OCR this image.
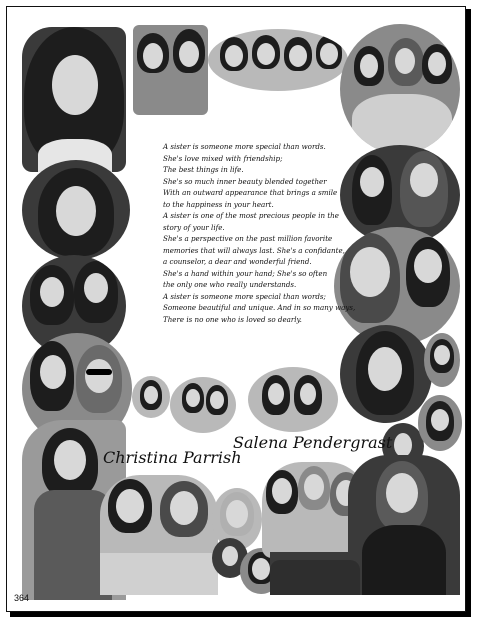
A sister is someone more special than words.
She's love mixed with friendship;
The best things in life.
She's so much inner beauty blended together
With an outward appearance that brings a smile
to the happiness in your heart.
A sister is one of the most precious people in the
story of your life.
She's a perspective on the past million favorite
memories that will always last. She's a confidante,
a counselor, a dear and wonderful friend.
She's a hand within your hand; She's so often
the only one who really understands.
A sister is someone more special than words;
Someone beautiful and unique. And in so many ways,
There is no one who is loved so dearly.
Christina Parrish
Salena Pendergrast
364
